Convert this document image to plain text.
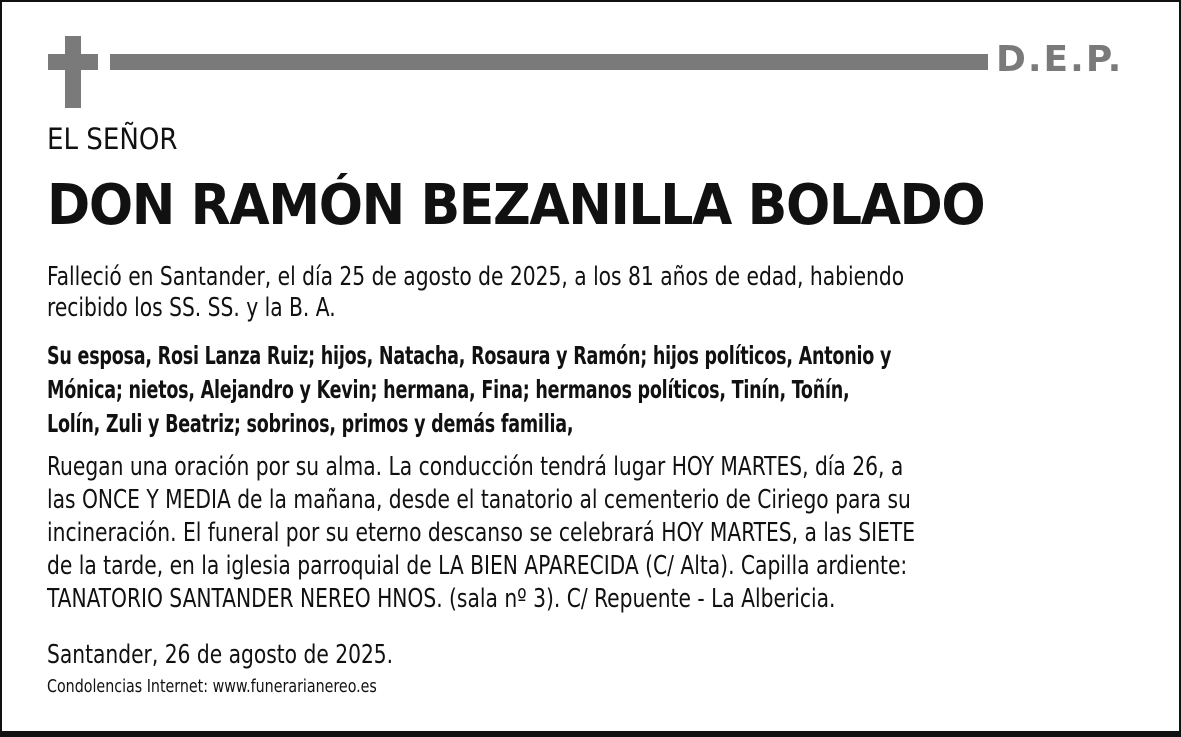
D.E.P.
EL SEÑOR
DON RAMÓN BEZANILLA BOLADO
Falleció en Santander, el día 25 de agosto de 2025, a los 81 años de edad, habiendo
recibido los SS. SS. y la B. A.
Su esposa, Rosi Lanza Ruiz; hijos, Natacha, Rosaura y Ramón; hijos políticos, Antonio y
Mónica; nietos, Alejandro y Kevin; hermana, Fina; hermanos políticos, Tinín, Toñín,
Lolín, Zuli y Beatriz; sobrinos, primos y demás familia,
Ruegan una oración por su alma. La conducción tendrá lugar HOY MARTES, día 26, a
las ONCE Y MEDIA de la mañana, desde el tanatorio al cementerio de Ciriego para su
incineración. El funeral por su eterno descanso se celebrará HOY MARTES, a las SIETE
de la tarde, en la iglesia parroquial de LA BIEN APARECIDA (C/ Alta). Capilla ardiente:
TANATORIO SANTANDER NEREO HNOS. (sala nº 3). C/ Repuente - La Albericia.
Santander, 26 de agosto de 2025.
Condolencias Internet: www.funerarianereo.es
